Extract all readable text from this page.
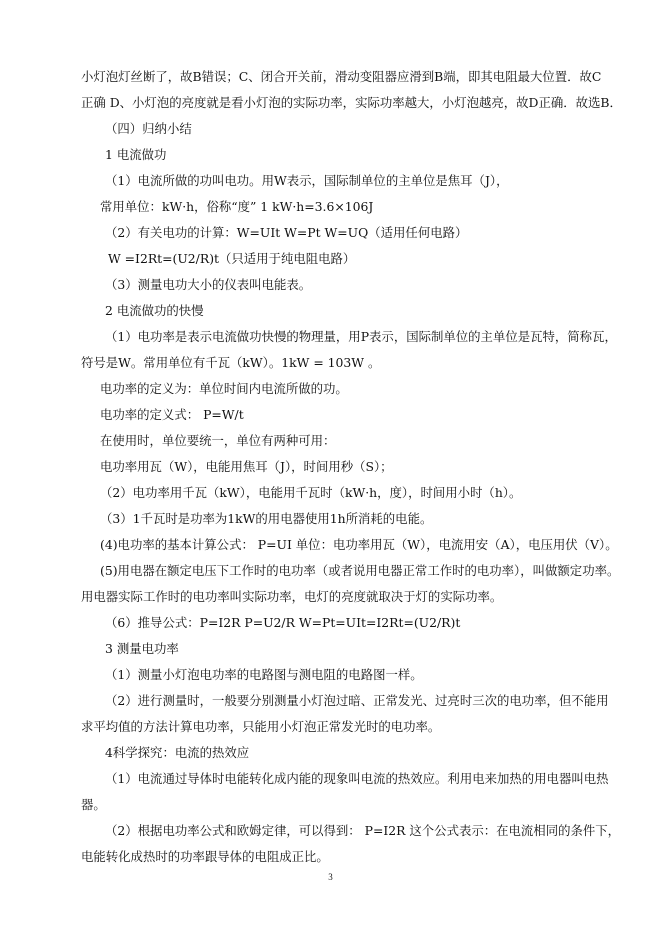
小灯泡灯丝断了，故B错误；C、闭合开关前，滑动变阻器应滑到B端，即其电阻最大位置．故C
正确 D、小灯泡的亮度就是看小灯泡的实际功率，实际功率越大，小灯泡越亮，故D正确．故选B．
（四）归纳小结
1 电流做功
（1）电流所做的功叫电功。用W表示，国际制单位的主单位是焦耳（J），
常用单位：kW·h，俗称“度” 1 kW·h=3.6×106J
（2）有关电功的计算：W=UIt W=Pt W=UQ（适用任何电路）
W =I2Rt=(U2/R)t（只适用于纯电阻电路）
（3）测量电功大小的仪表叫电能表。
2 电流做功的快慢
（1）电功率是表示电流做功快慢的物理量，用P表示，国际制单位的主单位是瓦特，简称瓦，
符号是W。常用单位有千瓦（kW）。1kW = 103W 。
电功率的定义为：单位时间内电流所做的功。
电功率的定义式： P=W/t
在使用时，单位要统一，单位有两种可用：
电功率用瓦（W），电能用焦耳（J），时间用秒（S）；
（2）电功率用千瓦（kW），电能用千瓦时（kW·h，度），时间用小时（h）。
（3）1千瓦时是功率为1kW的用电器使用1h所消耗的电能。
(4)电功率的基本计算公式： P=UI 单位：电功率用瓦（W），电流用安（A），电压用伏（V）。
(5)用电器在额定电压下工作时的电功率（或者说用电器正常工作时的电功率），叫做额定功率。
用电器实际工作时的电功率叫实际功率，电灯的亮度就取决于灯的实际功率。
（6）推导公式：P=I2R P=U2/R W=Pt=UIt=I2Rt=(U2/R)t
3 测量电功率
（1）测量小灯泡电功率的电路图与测电阻的电路图一样。
（2）进行测量时，一般要分别测量小灯泡过暗、正常发光、过亮时三次的电功率，但不能用
求平均值的方法计算电功率，只能用小灯泡正常发光时的电功率。
4科学探究：电流的热效应
（1）电流通过导体时电能转化成内能的现象叫电流的热效应。利用电来加热的用电器叫电热
器。
（2）根据电功率公式和欧姆定律，可以得到： P=I2R 这个公式表示：在电流相同的条件下，
电能转化成热时的功率跟导体的电阻成正比。
3
